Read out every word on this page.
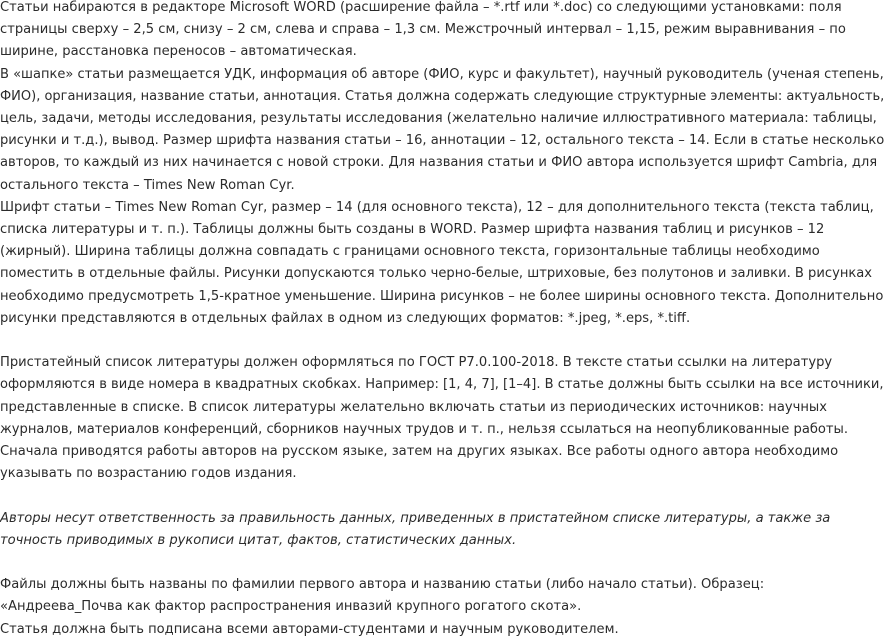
Статьи набираются в редакторе Microsoft WORD (расширение файла – *.rtf или *.doc) со следующими установками: поля
страницы сверху – 2,5 см, снизу – 2 см, слева и справа – 1,3 см. Межстрочный интервал – 1,15, режим выравнивания – по
ширине, расстановка переносов – автоматическая.
В «шапке» статьи размещается УДК, информация об авторе (ФИО, курс и факультет), научный руководитель (ученая степень,
ФИО), организация, название статьи, аннотация. Статья должна содержать следующие структурные элементы: актуальность,
цель, задачи, методы исследования, результаты исследования (желательно наличие иллюстративного материала: таблицы,
рисунки и т.д.), вывод. Размер шрифта названия статьи – 16, аннотации – 12, остального текста – 14. Если в статье несколько
авторов, то каждый из них начинается с новой строки. Для названия статьи и ФИО автора используется шрифт Cambria, для
остального текста – Times New Roman Cyr.
Шрифт статьи – Times New Roman Cyr, размер – 14 (для основного текста), 12 – для дополнительного текста (текста таблиц,
списка литературы и т. п.). Таблицы должны быть созданы в WORD. Размер шрифта названия таблиц и рисунков – 12
(жирный). Ширина таблицы должна совпадать с границами основного текста, горизонтальные таблицы необходимо
поместить в отдельные файлы. Рисунки допускаются только черно-белые, штриховые, без полутонов и заливки. В рисунках
необходимо предусмотреть 1,5-кратное уменьшение. Ширина рисунков – не более ширины основного текста. Дополнительно
рисунки представляются в отдельных файлах в одном из следующих форматов: *.jpeg, *.eps, *.tiff.
Пристатейный список литературы должен оформляться по ГОСТ Р7.0.100-2018. В тексте статьи ссылки на литературу
оформляются в виде номера в квадратных скобках. Например: [1, 4, 7], [1–4]. В статье должны быть ссылки на все источники,
представленные в списке. В список литературы желательно включать статьи из периодических источников: научных
журналов, материалов конференций, сборников научных трудов и т. п., нельзя ссылаться на неопубликованные работы.
Сначала приводятся работы авторов на русском языке, затем на других языках. Все работы одного автора необходимо
указывать по возрастанию годов издания.
Авторы несут ответственность за правильность данных, приведенных в пристатейном списке литературы, а также за
точность приводимых в рукописи цитат, фактов, статистических данных.
Файлы должны быть названы по фамилии первого автора и названию статьи (либо начало статьи). Образец:
«Андреева_Почва как фактор распространения инвазий крупного рогатого скота».
Статья должна быть подписана всеми авторами-студентами и научным руководителем.
